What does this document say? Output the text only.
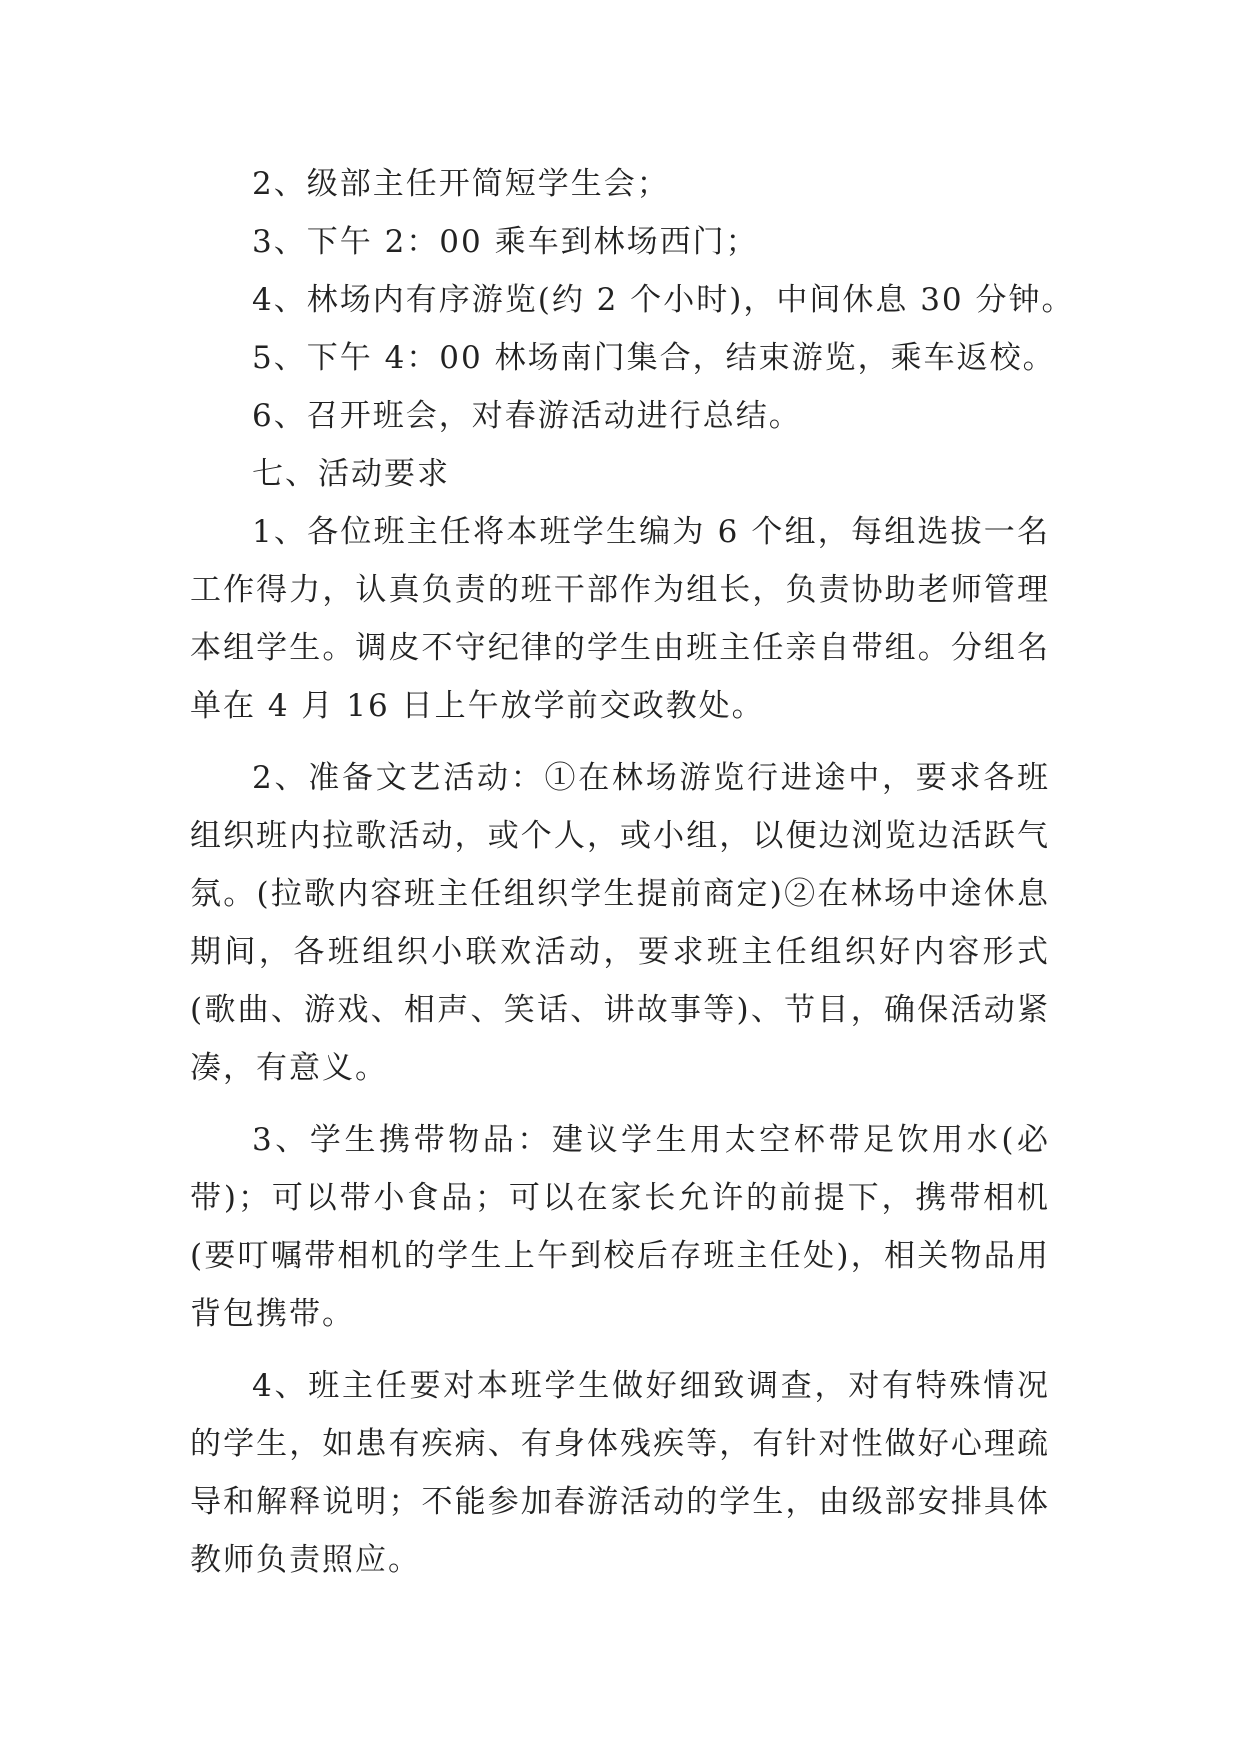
2、级部主任开简短学生会；

3、下午 2：00 乘车到林场西门；

4、林场内有序游览(约 2 个小时)，中间休息 30 分钟。

5、下午 4：00 林场南门集合，结束游览，乘车返校。

6、召开班会，对春游活动进行总结。

七、活动要求

1、各位班主任将本班学生编为 6 个组，每组选拔一名工作得力，认真负责的班干部作为组长，负责协助老师管理本组学生。调皮不守纪律的学生由班主任亲自带组。分组名单在 4 月 16 日上午放学前交政教处。

2、准备文艺活动：①在林场游览行进途中，要求各班组织班内拉歌活动，或个人，或小组，以便边浏览边活跃气氛。(拉歌内容班主任组织学生提前商定)②在林场中途休息期间，各班组织小联欢活动，要求班主任组织好内容形式(歌曲、游戏、相声、笑话、讲故事等)、节目，确保活动紧凑，有意义。

3、学生携带物品：建议学生用太空杯带足饮用水(必带)；可以带小食品；可以在家长允许的前提下，携带相机(要叮嘱带相机的学生上午到校后存班主任处)，相关物品用背包携带。

4、班主任要对本班学生做好细致调查，对有特殊情况的学生，如患有疾病、有身体残疾等，有针对性做好心理疏导和解释说明；不能参加春游活动的学生，由级部安排具体教师负责照应。
